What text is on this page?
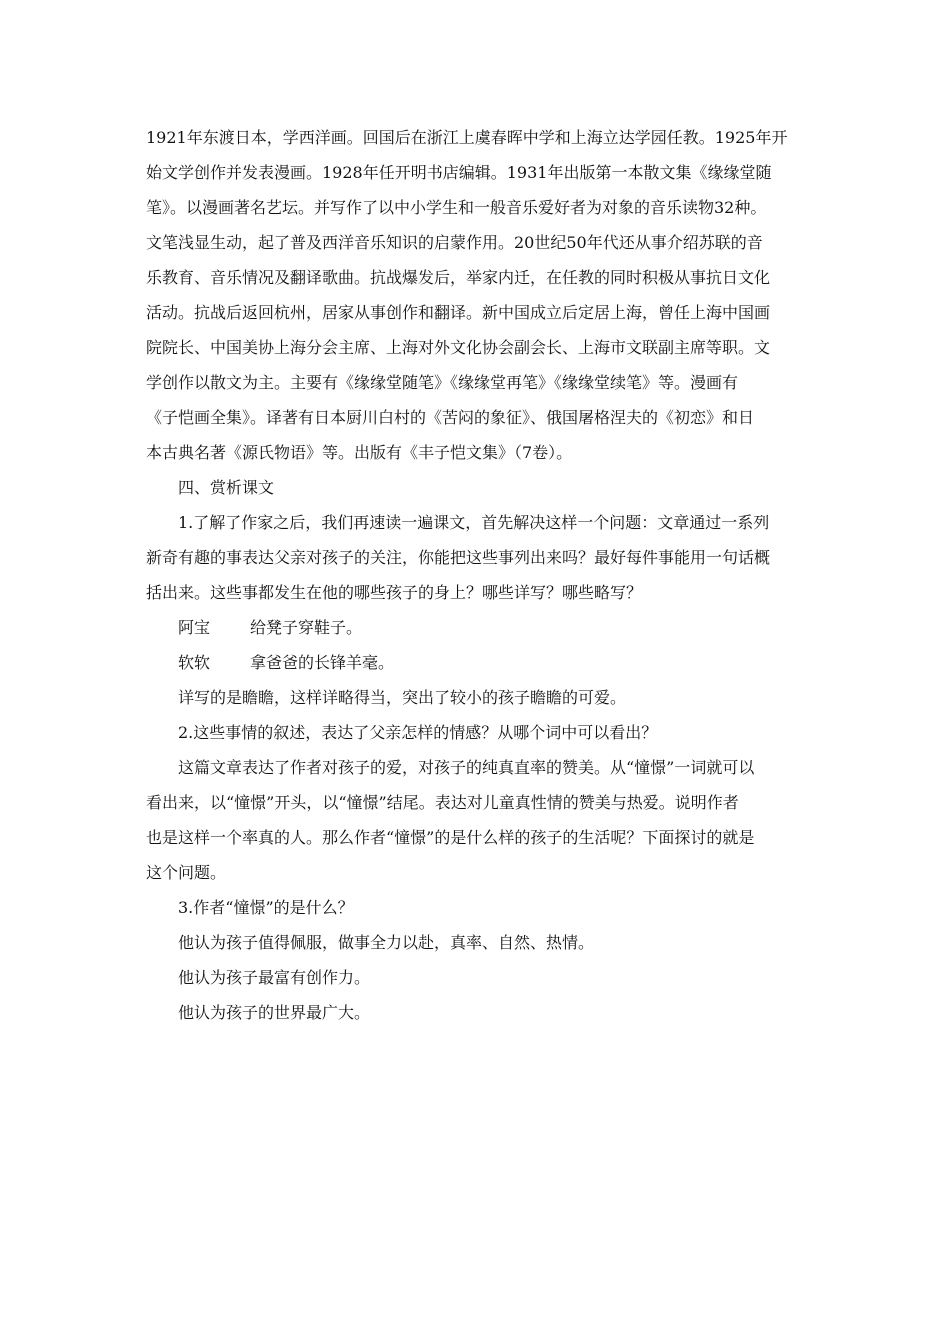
1921年东渡日本，学西洋画。回国后在浙江上虞春晖中学和上海立达学园任教。1925年开
始文学创作并发表漫画。1928年任开明书店编辑。1931年出版第一本散文集《缘缘堂随
笔》。以漫画著名艺坛。并写作了以中小学生和一般音乐爱好者为对象的音乐读物32种。
文笔浅显生动，起了普及西洋音乐知识的启蒙作用。20世纪50年代还从事介绍苏联的音
乐教育、音乐情况及翻译歌曲。抗战爆发后，举家内迁，在任教的同时积极从事抗日文化
活动。抗战后返回杭州，居家从事创作和翻译。新中国成立后定居上海，曾任上海中国画
院院长、中国美协上海分会主席、上海对外文化协会副会长、上海市文联副主席等职。文
学创作以散文为主。主要有《缘缘堂随笔》《缘缘堂再笔》《缘缘堂续笔》等。漫画有
《子恺画全集》。译著有日本厨川白村的《苦闷的象征》、俄国屠格涅夫的《初恋》和日
本古典名著《源氏物语》等。出版有《丰子恺文集》（7卷）。
四、赏析课文
1.了解了作家之后，我们再速读一遍课文，首先解决这样一个问题：文章通过一系列
新奇有趣的事表达父亲对孩子的关注，你能把这些事列出来吗？最好每件事能用一句话概
括出来。这些事都发生在他的哪些孩子的身上？哪些详写？哪些略写？
阿宝	给凳子穿鞋子。
软软	拿爸爸的长锋羊毫。
详写的是瞻瞻，这样详略得当，突出了较小的孩子瞻瞻的可爱。
2.这些事情的叙述，表达了父亲怎样的情感？从哪个词中可以看出？
这篇文章表达了作者对孩子的爱，对孩子的纯真直率的赞美。从“憧憬”一词就可以
看出来，以“憧憬”开头，以“憧憬”结尾。表达对儿童真性情的赞美与热爱。说明作者
也是这样一个率真的人。那么作者“憧憬”的是什么样的孩子的生活呢？下面探讨的就是
这个问题。
3.作者“憧憬”的是什么？
他认为孩子值得佩服，做事全力以赴，真率、自然、热情。
他认为孩子最富有创作力。
他认为孩子的世界最广大。
